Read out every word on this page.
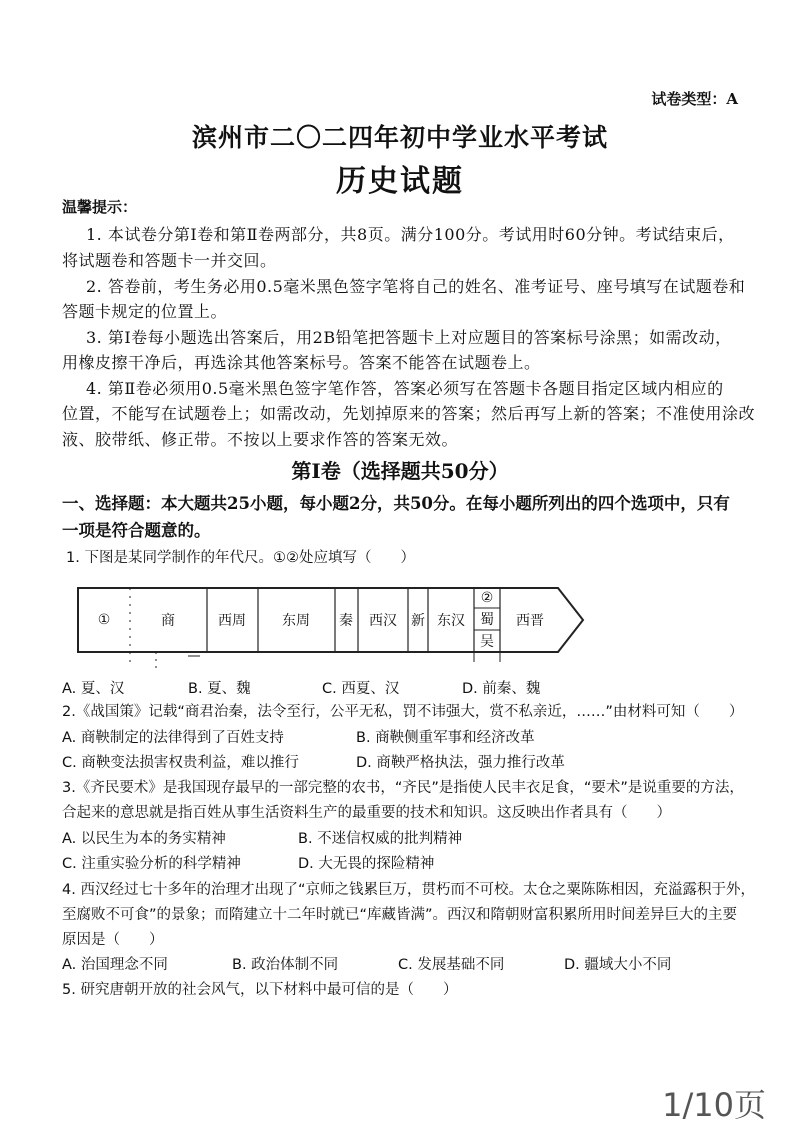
试卷类型：A
滨州市二〇二四年初中学业水平考试
历史试题
温馨提示：
1. 本试卷分第Ⅰ卷和第Ⅱ卷两部分，共8页。满分100分。考试用时60分钟。考试结束后，
将试题卷和答题卡一并交回。
2. 答卷前，考生务必用0.5毫米黑色签字笔将自己的姓名、准考证号、座号填写在试题卷和
答题卡规定的位置上。
3. 第Ⅰ卷每小题选出答案后，用2B铅笔把答题卡上对应题目的答案标号涂黑；如需改动，
用橡皮擦干净后，再选涂其他答案标号。答案不能答在试题卷上。
4. 第Ⅱ卷必须用0.5毫米黑色签字笔作答，答案必须写在答题卡各题目指定区域内相应的
位置，不能写在试题卷上；如需改动，先划掉原来的答案；然后再写上新的答案；不准使用涂改
液、胶带纸、修正带。不按以上要求作答的答案无效。
第Ⅰ卷（选择题共50分）
一、选择题：本大题共25小题，每小题2分，共50分。在每小题所列出的四个选项中，只有
一项是符合题意的。
1. 下图是某同学制作的年代尺。①②处应填写（　　）
①	商	西周	东周 秦 西汉 新 东汉
②
蜀
吴
西晋
A. 夏、汉	B. 夏、魏	C. 西夏、汉	D. 前秦、魏
2.《战国策》记载“商君治秦，法令至行，公平无私，罚不讳强大，赏不私亲近，……”由材料可知（　　）
A. 商鞅制定的法律得到了百姓支持	B. 商鞅侧重军事和经济改革
C. 商鞅变法损害权贵利益，难以推行	D. 商鞅严格执法，强力推行改革
3.《齐民要术》是我国现存最早的一部完整的农书，“齐民”是指使人民丰衣足食，“要术”是说重要的方法，
合起来的意思就是指百姓从事生活资料生产的最重要的技术和知识。这反映出作者具有（　　）
A. 以民生为本的务实精神	B. 不迷信权威的批判精神
C. 注重实验分析的科学精神	D. 大无畏的探险精神
4. 西汉经过七十多年的治理才出现了“京师之钱累巨万，贯朽而不可校。太仓之粟陈陈相因，充溢露积于外，
至腐败不可食”的景象；而隋建立十二年时就已“库藏皆满”。西汉和隋朝财富积累所用时间差异巨大的主要
原因是（　　）
A. 治国理念不同	B. 政治体制不同	C. 发展基础不同	D. 疆域大小不同
5. 研究唐朝开放的社会风气，以下材料中最可信的是（　　）
1/10页
